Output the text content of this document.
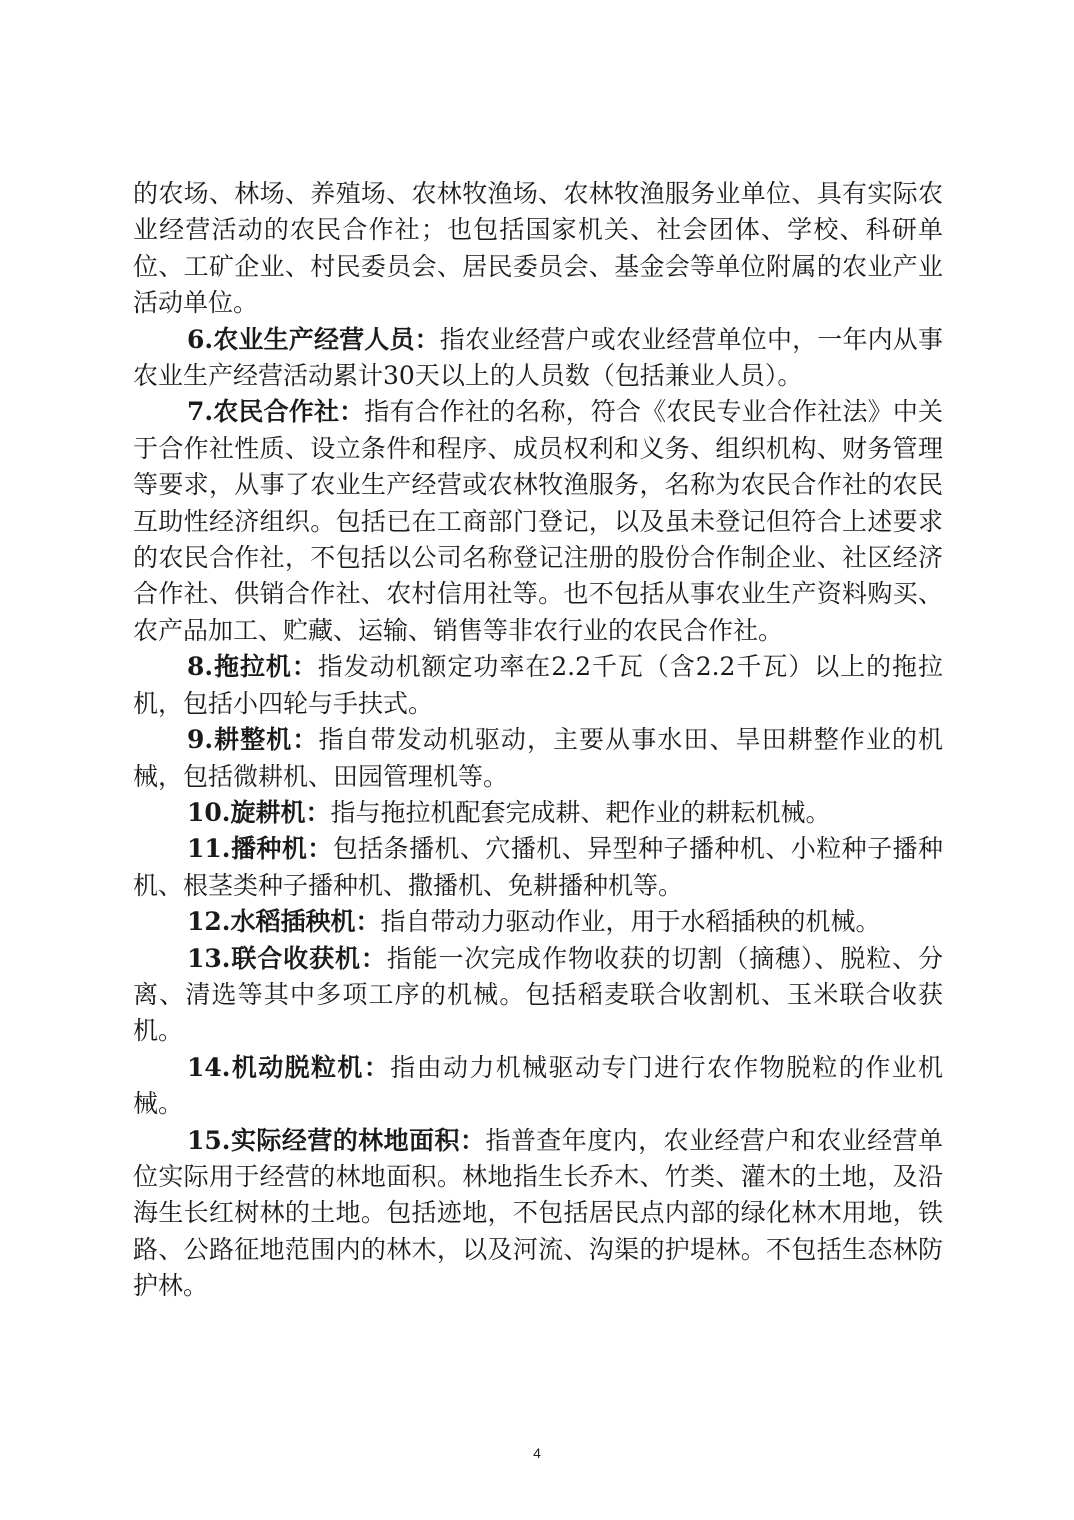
的农场、林场、养殖场、农林牧渔场、农林牧渔服务业单位、具有实际农业经营活动的农民合作社；也包括国家机关、社会团体、学校、科研单位、工矿企业、村民委员会、居民委员会、基金会等单位附属的农业产业活动单位。

6.农业生产经营人员：指农业经营户或农业经营单位中，一年内从事农业生产经营活动累计30天以上的人员数（包括兼业人员）。

7.农民合作社：指有合作社的名称，符合《农民专业合作社法》中关于合作社性质、设立条件和程序、成员权利和义务、组织机构、财务管理等要求，从事了农业生产经营或农林牧渔服务，名称为农民合作社的农民互助性经济组织。包括已在工商部门登记，以及虽未登记但符合上述要求的农民合作社，不包括以公司名称登记注册的股份合作制企业、社区经济合作社、供销合作社、农村信用社等。也不包括从事农业生产资料购买、农产品加工、贮藏、运输、销售等非农行业的农民合作社。

8.拖拉机：指发动机额定功率在2.2千瓦（含2.2千瓦）以上的拖拉机，包括小四轮与手扶式。

9.耕整机：指自带发动机驱动，主要从事水田、旱田耕整作业的机械，包括微耕机、田园管理机等。

10.旋耕机：指与拖拉机配套完成耕、耙作业的耕耘机械。

11.播种机：包括条播机、穴播机、异型种子播种机、小粒种子播种机、根茎类种子播种机、撒播机、免耕播种机等。

12.水稻插秧机：指自带动力驱动作业，用于水稻插秧的机械。

13.联合收获机：指能一次完成作物收获的切割（摘穗）、脱粒、分离、清选等其中多项工序的机械。包括稻麦联合收割机、玉米联合收获机。

14.机动脱粒机：指由动力机械驱动专门进行农作物脱粒的作业机械。

15.实际经营的林地面积：指普查年度内，农业经营户和农业经营单位实际用于经营的林地面积。林地指生长乔木、竹类、灌木的土地，及沿海生长红树林的土地。包括迹地，不包括居民点内部的绿化林木用地，铁路、公路征地范围内的林木，以及河流、沟渠的护堤林。不包括生态林防护林。

4
